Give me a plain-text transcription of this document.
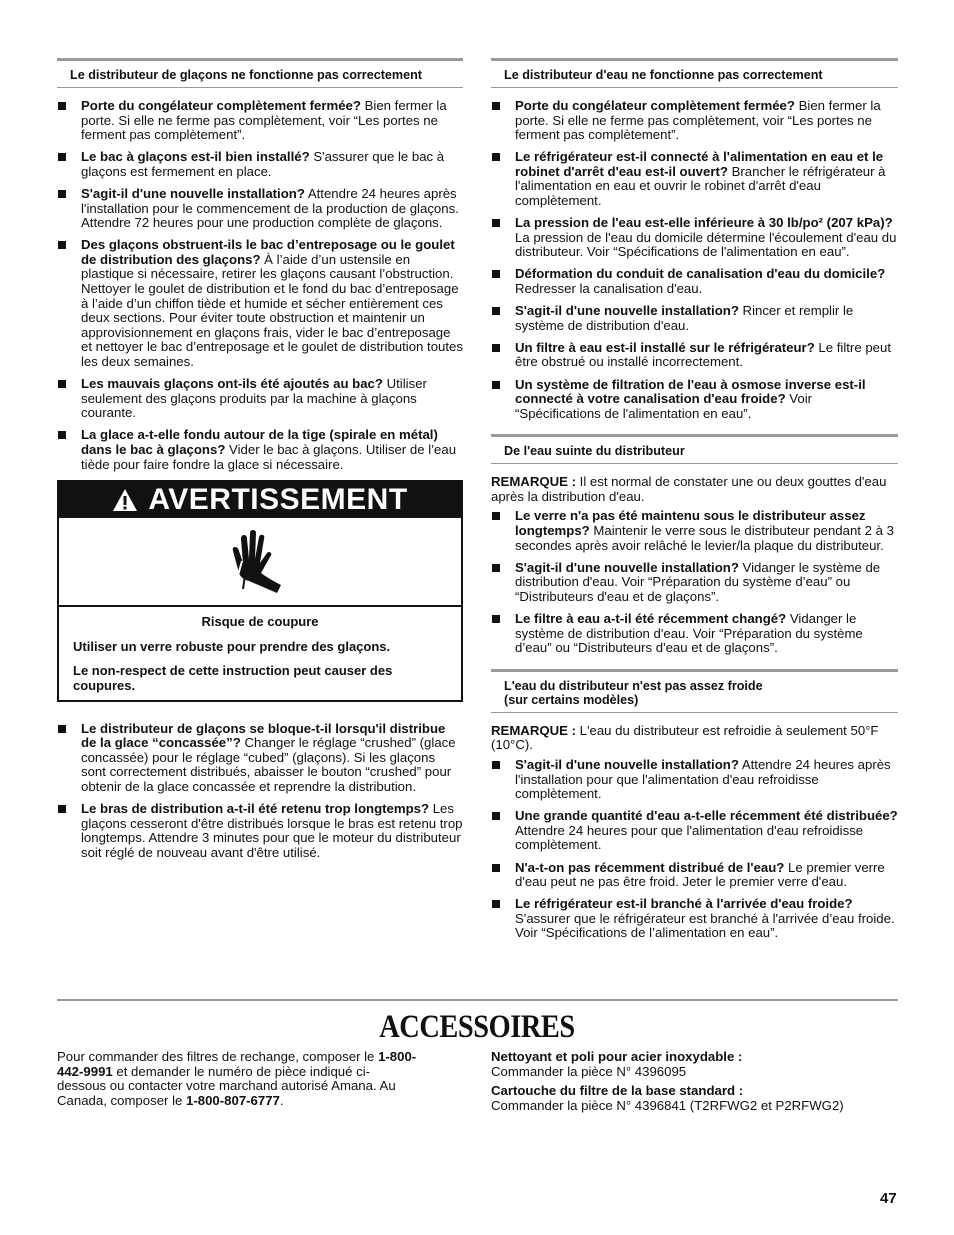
Le distributeur de glaçons ne fonctionne pas correctement
Porte du congélateur complètement fermée? Bien fermer la porte. Si elle ne ferme pas complètement, voir “Les portes ne ferment pas complètement”.
Le bac à glaçons est-il bien installé? S'assurer que le bac à glaçons est fermement en place.
S'agit-il d'une nouvelle installation? Attendre 24 heures après l'installation pour le commencement de la production de glaçons. Attendre 72 heures pour une production complète de glaçons.
Des glaçons obstruent-ils le bac d’entreposage ou le goulet de distribution des glaçons? À l’aide d’un ustensile en plastique si nécessaire, retirer les glaçons causant l’obstruction. Nettoyer le goulet de distribution et le fond du bac d’entreposage à l’aide d’un chiffon tiède et humide et sécher entièrement ces deux sections. Pour éviter toute obstruction et maintenir un approvisionnement en glaçons frais, vider le bac d’entreposage et nettoyer le bac d’entreposage et le goulet de distribution toutes les deux semaines.
Les mauvais glaçons ont-ils été ajoutés au bac? Utiliser seulement des glaçons produits par la machine à glaçons courante.
La glace a-t-elle fondu autour de la tige (spirale en métal) dans le bac à glaçons? Vider le bac à glaçons. Utiliser de l’eau tiède pour faire fondre la glace si nécessaire.
AVERTISSEMENT
Risque de coupure
Utiliser un verre robuste pour prendre des glaçons.
Le non-respect de cette instruction peut causer des coupures.
Le distributeur de glaçons se bloque-t-il lorsqu'il distribue de la glace “concassée”? Changer le réglage “crushed” (glace concassée) pour le réglage “cubed” (glaçons). Si les glaçons sont correctement distribués, abaisser le bouton “crushed” pour obtenir de la glace concassée et reprendre la distribution.
Le bras de distribution a-t-il été retenu trop longtemps? Les glaçons cesseront d'être distribués lorsque le bras est retenu trop longtemps. Attendre 3 minutes pour que le moteur du distributeur soit réglé de nouveau avant d'être utilisé.
Le distributeur d'eau ne fonctionne pas correctement
Porte du congélateur complètement fermée? Bien fermer la porte. Si elle ne ferme pas complètement, voir “Les portes ne ferment pas complètement”.
Le réfrigérateur est-il connecté à l'alimentation en eau et le robinet d'arrêt d'eau est-il ouvert? Brancher le réfrigérateur à l'alimentation en eau et ouvrir le robinet d'arrêt d'eau complètement.
La pression de l'eau est-elle inférieure à 30 lb/po² (207 kPa)? La pression de l'eau du domicile détermine l'écoulement d'eau du distributeur. Voir “Spécifications de l'alimentation en eau”.
Déformation du conduit de canalisation d'eau du domicile? Redresser la canalisation d'eau.
S'agit-il d'une nouvelle installation? Rincer et remplir le système de distribution d'eau.
Un filtre à eau est-il installé sur le réfrigérateur? Le filtre peut être obstrué ou installé incorrectement.
Un système de filtration de l'eau à osmose inverse est-il connecté à votre canalisation d'eau froide? Voir “Spécifications de l'alimentation en eau”.
De l'eau suinte du distributeur

REMARQUE : Il est normal de constater une ou deux gouttes d'eau après la distribution d'eau.

Le verre n'a pas été maintenu sous le distributeur assez longtemps? Maintenir le verre sous le distributeur pendant 2 à 3 secondes après avoir relâché le levier/la plaque du distributeur.
S'agit-il d'une nouvelle installation? Vidanger le système de distribution d'eau. Voir “Préparation du système d’eau” ou “Distributeurs d'eau et de glaçons”.
Le filtre à eau a-t-il été récemment changé? Vidanger le système de distribution d'eau. Voir “Préparation du système d’eau” ou “Distributeurs d'eau et de glaçons”.
L'eau du distributeur n'est pas assez froide
(sur certains modèles)

REMARQUE : L'eau du distributeur est refroidie à seulement 50°F (10°C).

S'agit-il d'une nouvelle installation? Attendre 24 heures après l'installation pour que l'alimentation d'eau refroidisse complètement.
Une grande quantité d'eau a-t-elle récemment été distribuée? Attendre 24 heures pour que l'alimentation d'eau refroidisse complètement.
N'a-t-on pas récemment distribué de l'eau? Le premier verre d'eau peut ne pas être froid. Jeter le premier verre d'eau.
Le réfrigérateur est-il branché à l'arrivée d'eau froide? S'assurer que le réfrigérateur est branché à l'arrivée d’eau froide. Voir “Spécifications de l’alimentation en eau”.
ACCESSOIRES
Pour commander des filtres de rechange, composer le 1-800-442-9991 et demander le numéro de pièce indiqué ci-dessous ou contacter votre marchand autorisé Amana. Au Canada, composer le 1-800-807-6777.

Nettoyant et poli pour acier inoxydable :
Commander la pièce N° 4396095

Cartouche du filtre de la base standard :
Commander la pièce N° 4396841 (T2RFWG2 et P2RFWG2)

47
